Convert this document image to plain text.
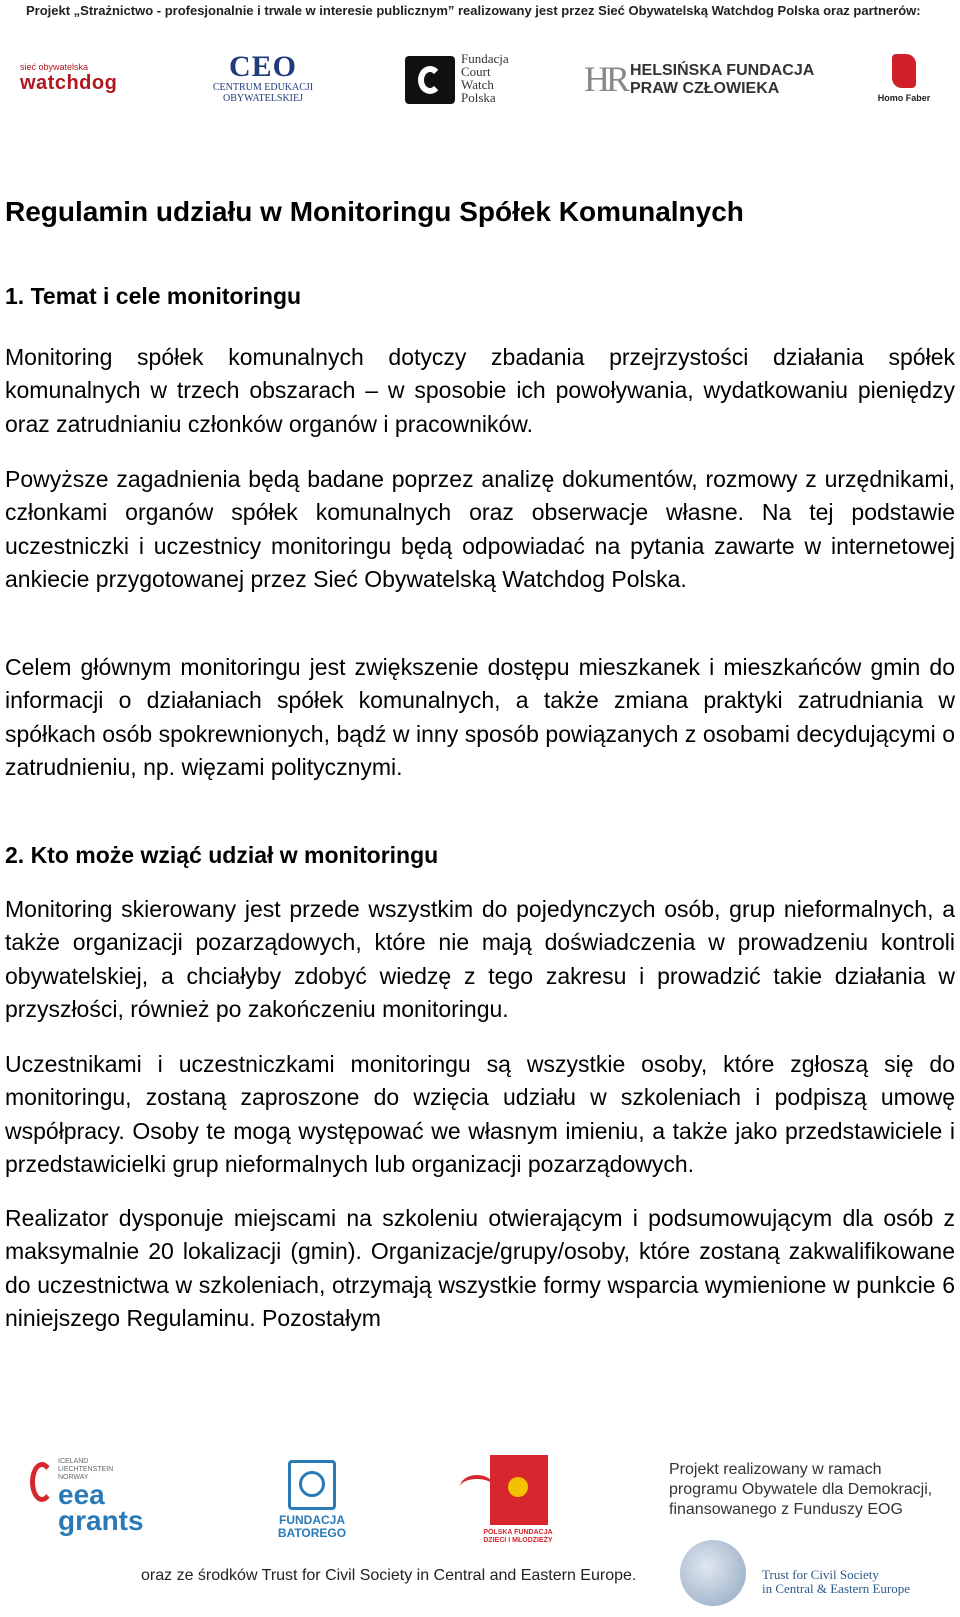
Projekt „Strażnictwo - profesjonalnie i trwale w interesie publicznym” realizowany jest przez Sieć Obywatelską Watchdog Polska oraz partnerów:
sieć obywatelska
watchdog	CEO
CENTRUM EDUKACJI
OBYWATELSKIEJ
Fundacja
Court
Watch
Polska	HR HELSIŃSKA FUNDACJA
PRAW CZŁOWIEKA
Homo Faber
Regulamin udziału w Monitoringu Spółek Komunalnych
1. Temat i cele monitoringu
Monitoring spółek komunalnych dotyczy zbadania przejrzystości działania spółek komunalnych w trzech obszarach – w sposobie ich powoływania, wydatkowaniu pieniędzy oraz zatrudnianiu członków organów i pracowników.
Powyższe zagadnienia będą badane poprzez analizę dokumentów, rozmowy z urzędnikami, członkami organów spółek komunalnych oraz obserwacje własne. Na tej podstawie uczestniczki i uczestnicy monitoringu będą odpowiadać na pytania zawarte w internetowej ankiecie przygotowanej przez Sieć Obywatelską Watchdog Polska.
Celem głównym monitoringu jest zwiększenie dostępu mieszkanek i mieszkańców gmin do informacji o działaniach spółek komunalnych, a także zmiana praktyki zatrudniania w spółkach osób spokrewnionych, bądź w inny sposób powiązanych z osobami decydującymi o zatrudnieniu, np. więzami politycznymi.
2. Kto może wziąć udział w monitoringu
Monitoring skierowany jest przede wszystkim do pojedynczych osób, grup nieformalnych, a także organizacji pozarządowych, które nie mają doświadczenia w prowadzeniu kontroli obywatelskiej, a chciałyby zdobyć wiedzę z tego zakresu i prowadzić takie działania w przyszłości, również po zakończeniu monitoringu.
Uczestnikami i uczestniczkami monitoringu są wszystkie osoby, które zgłoszą się do monitoringu, zostaną zaproszone do wzięcia udziału w szkoleniach i podpiszą umowę współpracy. Osoby te mogą występować we własnym imieniu, a także jako przedstawiciele i przedstawicielki grup nieformalnych lub organizacji pozarządowych.
Realizator dysponuje miejscami na szkoleniu otwierającym i podsumowującym dla osób z maksymalnie 20 lokalizacji (gmin). Organizacje/grupy/osoby, które zostaną zakwalifikowane do uczestnictwa w szkoleniach, otrzymają wszystkie formy wsparcia wymienione w punkcie 6 niniejszego Regulaminu. Pozostałym
ICELAND
LIECHTENSTEIN
NORWAY
eea
grants	FUNDACJA
BATOREGO	POLSKA FUNDACJA
DZIECI I MŁODZIEŻY
Projekt realizowany w ramach
programu Obywatele dla Demokracji,
finansowanego z Funduszy EOG
Trust for Civil Society
in Central & Eastern Europe
oraz ze środków Trust for Civil Society in Central and Eastern Europe.
